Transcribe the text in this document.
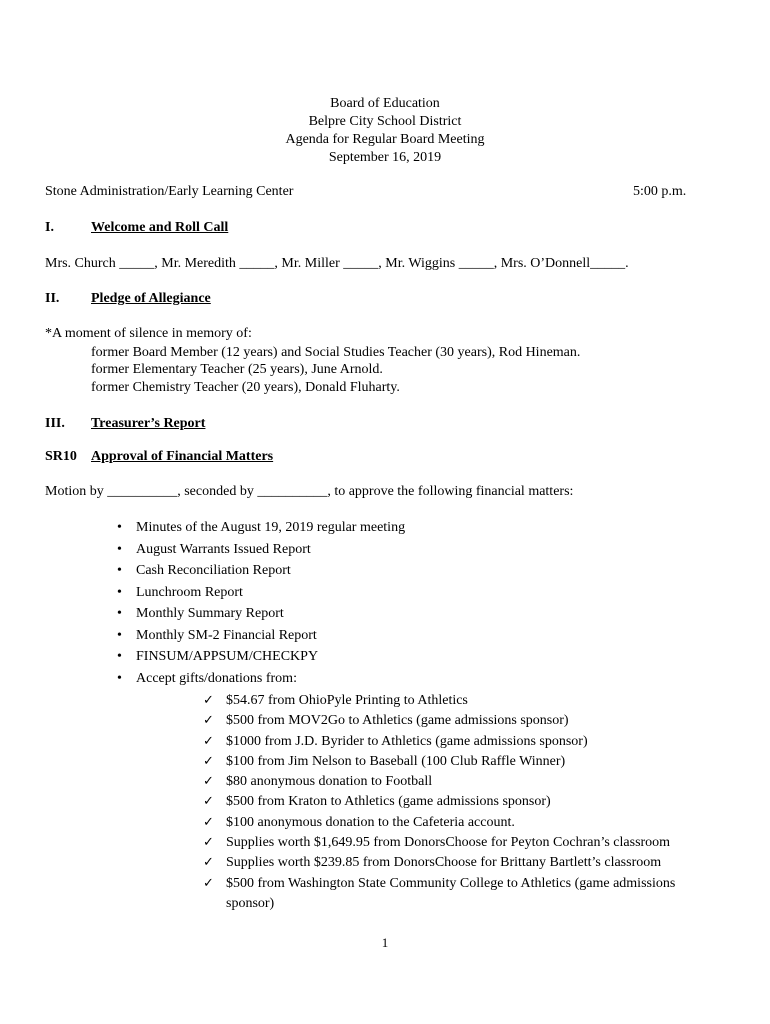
Board of Education
Belpre City School District
Agenda for Regular Board Meeting
September 16, 2019
Stone Administration/Early Learning Center	5:00 p.m.
I.	Welcome and Roll Call
Mrs. Church _____, Mr. Meredith _____, Mr. Miller _____, Mr. Wiggins _____, Mrs. O’Donnell_____.
II. Pledge of Allegiance
*A moment of silence in memory of:
former Board Member (12 years) and Social Studies Teacher (30 years), Rod Hineman.
former Elementary Teacher (25 years), June Arnold.
former Chemistry Teacher (20 years), Donald Fluharty.
III. Treasurer’s Report
SR10 Approval of Financial Matters
Motion by __________, seconded by __________, to approve the following financial matters:
• Minutes of the August 19, 2019 regular meeting
• August Warrants Issued Report
• Cash Reconciliation Report
• Lunchroom Report
• Monthly Summary Report
• Monthly SM-2 Financial Report
• FINSUM/APPSUM/CHECKPY
• Accept gifts/donations from:
✓ $54.67 from OhioPyle Printing to Athletics
✓ $500 from MOV2Go to Athletics (game admissions sponsor)
✓ $1000 from J.D. Byrider to Athletics (game admissions sponsor)
✓ $100 from Jim Nelson to Baseball (100 Club Raffle Winner)
✓ $80 anonymous donation to Football
✓ $500 from Kraton to Athletics (game admissions sponsor)
✓ $100 anonymous donation to the Cafeteria account.
✓ Supplies worth $1,649.95 from DonorsChoose for Peyton Cochran’s classroom
✓ Supplies worth $239.85 from DonorsChoose for Brittany Bartlett’s classroom
✓ $500 from Washington State Community College to Athletics (game admissions sponsor)
1
